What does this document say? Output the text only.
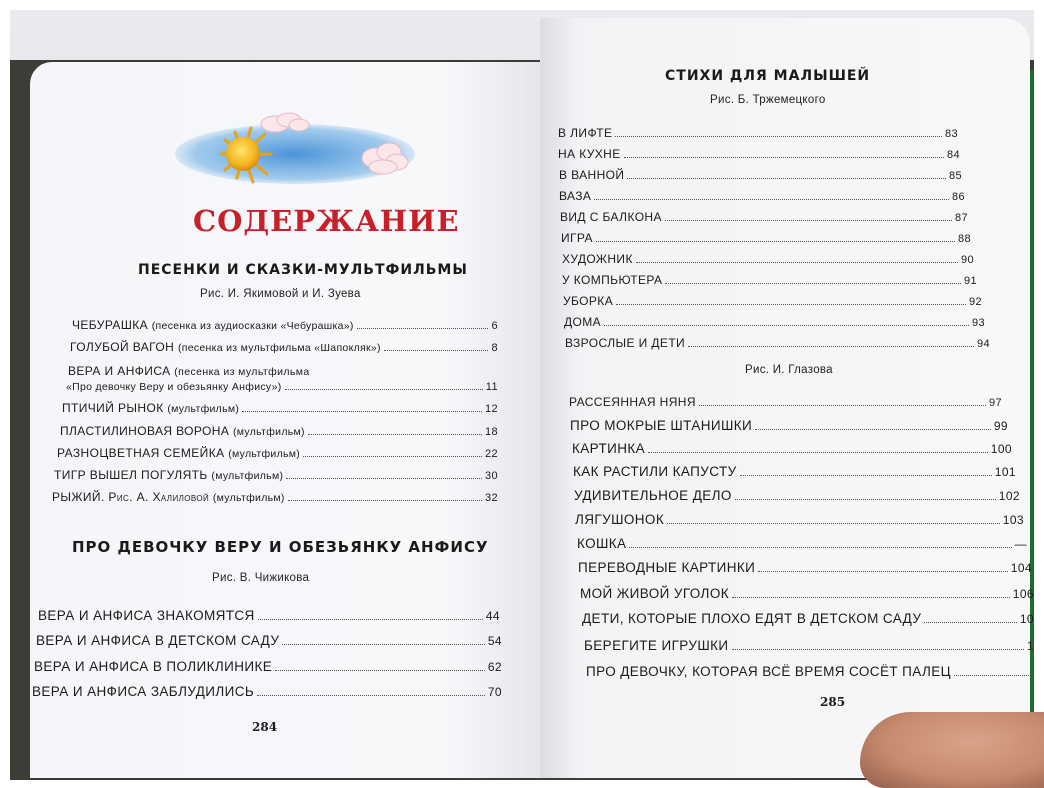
СОДЕРЖАНИЕ
ПЕСЕНКИ И СКАЗКИ-МУЛЬТФИЛЬМЫ
Рис. И. Якимовой и И. Зуева
ЧЕБУРАШКА (песенка из аудиосказки «Чебурашка»)	6
ГОЛУБОЙ ВАГОН (песенка из мультфильма «Шапокляк»)	8
ВЕРА И АНФИСА (песенка из мультфильма
«Про девочку Веру и обезьянку Анфису»)	11
ПТИЧИЙ РЫНОК (мультфильм)	12
ПЛАСТИЛИНОВАЯ ВОРОНА (мультфильм)	18
РАЗНОЦВЕТНАЯ СЕМЕЙКА (мультфильм)	22
ТИГР ВЫШЕЛ ПОГУЛЯТЬ (мультфильм)	30
РЫЖИЙ. Рис. А. Халиловой (мультфильм)	32
ПРО ДЕВОЧКУ ВЕРУ И ОБЕЗЬЯНКУ АНФИСУ
Рис. В. Чижикова
ВЕРА И АНФИСА ЗНАКОМЯТСЯ	44
ВЕРА И АНФИСА В ДЕТСКОМ САДУ	54
ВЕРА И АНФИСА В ПОЛИКЛИНИКЕ	62
ВЕРА И АНФИСА ЗАБЛУДИЛИСЬ	70
284
СТИХИ ДЛЯ МАЛЫШЕЙ
Рис. Б. Тржемецкого
В ЛИФТЕ	83
НА КУХНЕ	84
В ВАННОЙ	85
ВАЗА	86
ВИД С БАЛКОНА	87
ИГРА	88
ХУДОЖНИК	90
У КОМПЬЮТЕРА	91
УБОРКА	92
ДОМА	93
ВЗРОСЛЫЕ И ДЕТИ	94
Рис. И. Глазова
РАССЕЯННАЯ НЯНЯ	97
ПРО МОКРЫЕ ШТАНИШКИ	99
КАРТИНКА	100
КАК РАСТИЛИ КАПУСТУ	101
УДИВИТЕЛЬНОЕ ДЕЛО	102
ЛЯГУШОНОК	103
КОШКА	—
ПЕРЕВОДНЫЕ КАРТИНКИ	104
МОЙ ЖИВОЙ УГОЛОК	106
ДЕТИ, КОТОРЫЕ ПЛОХО ЕДЯТ В ДЕТСКОМ САДУ	10
БЕРЕГИТЕ ИГРУШКИ	1
ПРО ДЕВОЧКУ, КОТОРАЯ ВСЁ ВРЕМЯ СОСЁТ ПАЛЕЦ
285
